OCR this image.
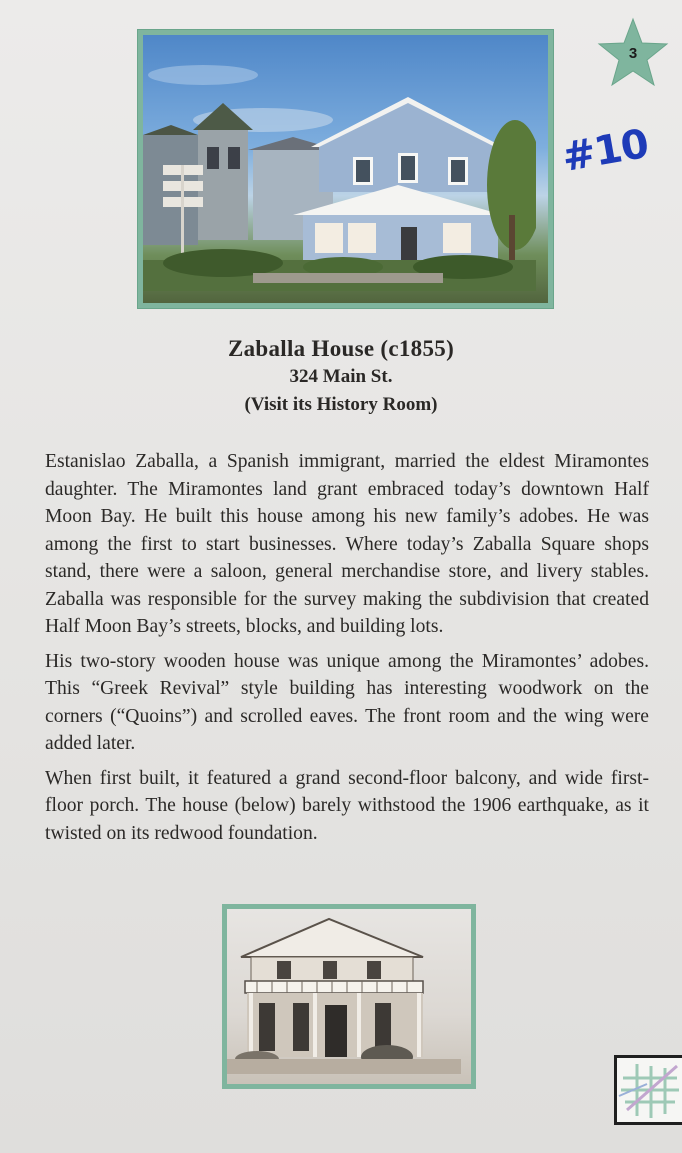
3
#10
Zaballa House (c1855)
324 Main St.
(Visit its History Room)

Estanislao Zaballa, a Spanish immigrant, married the eldest Miramontes daughter. The Miramontes land grant embraced today’s downtown Half Moon Bay. He built this house among his new family’s adobes. He was among the first to start businesses. Where today’s Zaballa Square shops stand, there were a saloon, general merchandise store, and livery stables. Zaballa was responsible for the survey making the subdivision that created Half Moon Bay’s streets, blocks, and building lots.

His two-story wooden house was unique among the Miramontes’ adobes. This “Greek Revival” style building has interesting woodwork on the corners (“Quoins”) and scrolled eaves. The front room and the wing were added later.

When first built, it featured a grand second-floor balcony, and wide first-floor porch. The house (below) barely withstood the 1906 earthquake, as it twisted on its redwood foundation.
